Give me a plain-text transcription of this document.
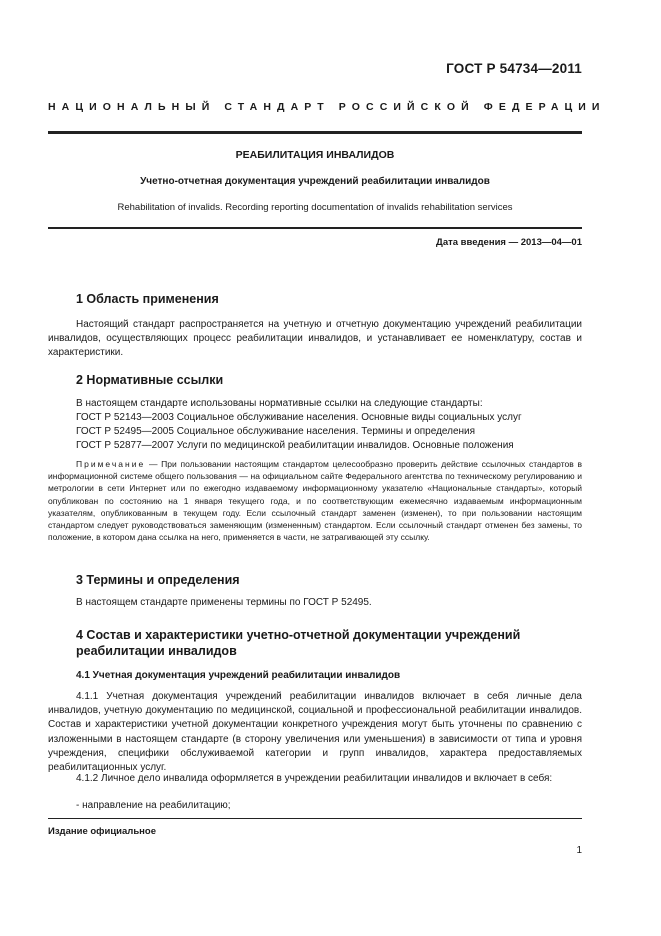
ГОСТ Р 54734—2011
НАЦИОНАЛЬНЫЙ СТАНДАРТ РОССИЙСКОЙ ФЕДЕРАЦИИ
РЕАБИЛИТАЦИЯ ИНВАЛИДОВ
Учетно-отчетная документация учреждений реабилитации инвалидов
Rehabilitation of invalids. Recording reporting documentation of invalids rehabilitation services
Дата введения — 2013—04—01
1 Область применения
Настоящий стандарт распространяется на учетную и отчетную документацию учреждений реабилитации инвалидов, осуществляющих процесс реабилитации инвалидов, и устанавливает ее номенклатуру, состав и характеристики.
2 Нормативные ссылки
В настоящем стандарте использованы нормативные ссылки на следующие стандарты:
ГОСТ Р 52143—2003 Социальное обслуживание населения. Основные виды социальных услуг
ГОСТ Р 52495—2005 Социальное обслуживание населения. Термины и определения
ГОСТ Р 52877—2007 Услуги по медицинской реабилитации инвалидов. Основные положения
Примечание — При пользовании настоящим стандартом целесообразно проверить действие ссылочных стандартов в информационной системе общего пользования — на официальном сайте Федерального агентства по техническому регулированию и метрологии в сети Интернет или по ежегодно издаваемому информационному указателю «Национальные стандарты», который опубликован по состоянию на 1 января текущего года, и по соответствующим ежемесячно издаваемым информационным указателям, опубликованным в текущем году. Если ссылочный стандарт заменен (изменен), то при пользовании настоящим стандартом следует руководствоваться заменяющим (измененным) стандартом. Если ссылочный стандарт отменен без замены, то положение, в котором дана ссылка на него, применяется в части, не затрагивающей эту ссылку.
3 Термины и определения
В настоящем стандарте применены термины по ГОСТ Р 52495.
4 Состав и характеристики учетно-отчетной документации учреждений реабилитации инвалидов
4.1 Учетная документация учреждений реабилитации инвалидов
4.1.1 Учетная документация учреждений реабилитации инвалидов включает в себя личные дела инвалидов, учетную документацию по медицинской, социальной и профессиональной реабилитации инвалидов. Состав и характеристики учетной документации конкретного учреждения могут быть уточнены по сравнению с изложенными в настоящем стандарте (в сторону увеличения или уменьшения) в зависимости от типа и уровня учреждения, специфики обслуживаемой категории и групп инвалидов, характера предоставляемых реабилитационных услуг.
4.1.2 Личное дело инвалида оформляется в учреждении реабилитации инвалидов и включает в себя:
- направление на реабилитацию;
Издание официальное
1
